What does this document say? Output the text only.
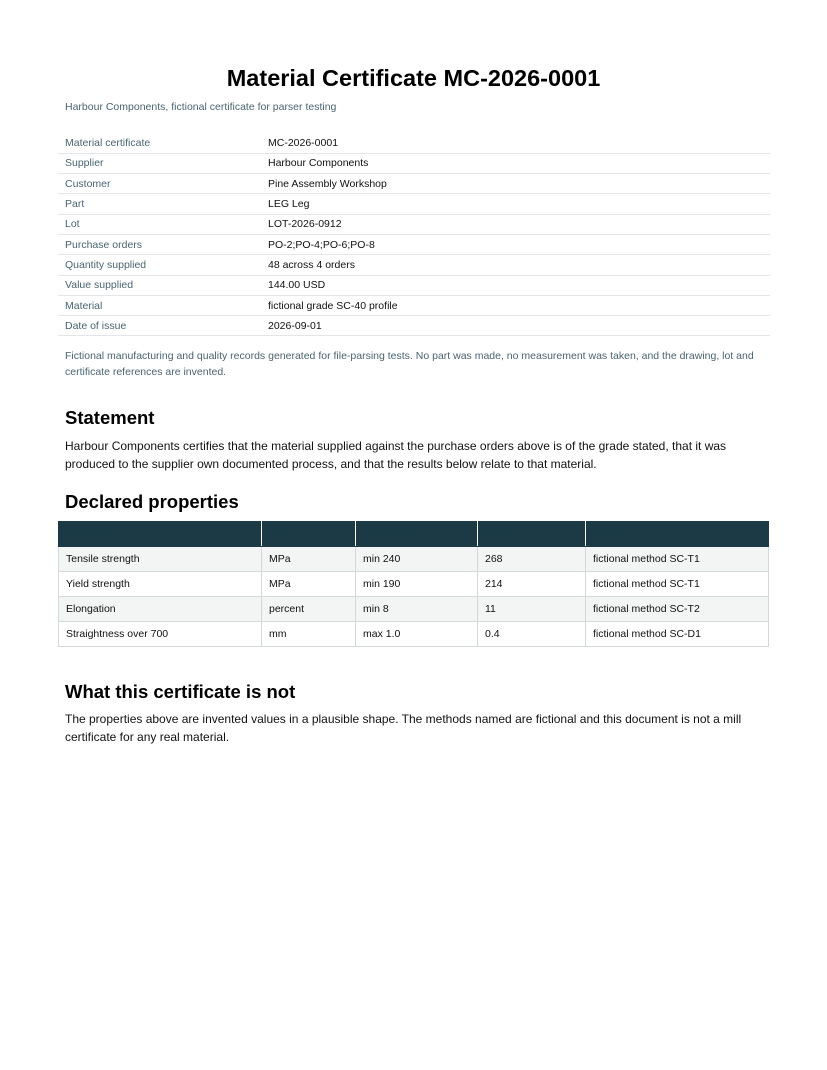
Material Certificate MC-2026-0001
Harbour Components, fictional certificate for parser testing
Material certificate	MC-2026-0001
Supplier	Harbour Components
Customer	Pine Assembly Workshop
Part	LEG Leg
Lot	LOT-2026-0912
Purchase orders	PO-2;PO-4;PO-6;PO-8
Quantity supplied	48 across 4 orders
Value supplied	144.00 USD
Material	fictional grade SC-40 profile
Date of issue	2026-09-01
Fictional manufacturing and quality records generated for file-parsing tests. No part was made, no measurement was taken, and the drawing, lot and certificate references are invented.
Statement
Harbour Components certifies that the material supplied against the purchase orders above is of the grade stated, that it was produced to the supplier own documented process, and that the results below relate to that material.
Declared properties
Property	Unit	Specified	Result	Method
Tensile strength	MPa	min 240	268	fictional method SC-T1
Yield strength	MPa	min 190	214	fictional method SC-T1
Elongation	percent	min 8	11	fictional method SC-T2
Straightness over 700	mm	max 1.0	0.4	fictional method SC-D1
What this certificate is not
The properties above are invented values in a plausible shape. The methods named are fictional and this document is not a mill certificate for any real material.
